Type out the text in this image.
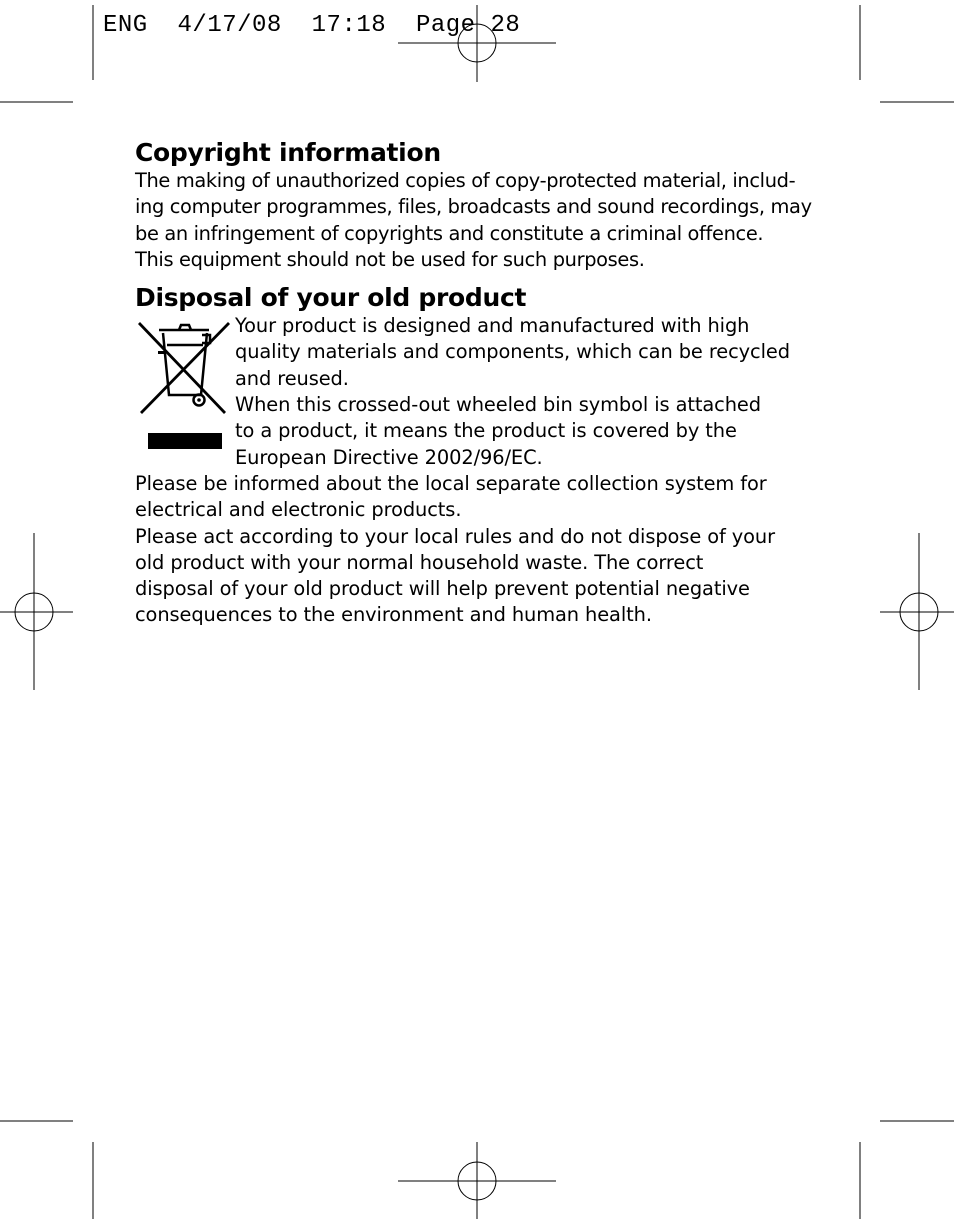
ENG  4/17/08  17:18  Page 28
Copyright information

The making of unauthorized copies of copy-protected material, includ-
ing computer programmes, files, broadcasts and sound recordings, may
be an infringement of copyrights and constitute a criminal offence.
This equipment should not be used for such purposes.

Disposal of your old product

Your product is designed and manufactured with high
quality materials and components, which can be recycled
and reused.
When this crossed-out wheeled bin symbol is attached
to a product, it means the product is covered by the
European Directive 2002/96/EC.

Please be informed about the local separate collection system for
electrical and electronic products.
Please act according to your local rules and do not dispose of your
old product with your normal household waste. The correct
disposal of your old product will help prevent potential negative
consequences to the environment and human health.
